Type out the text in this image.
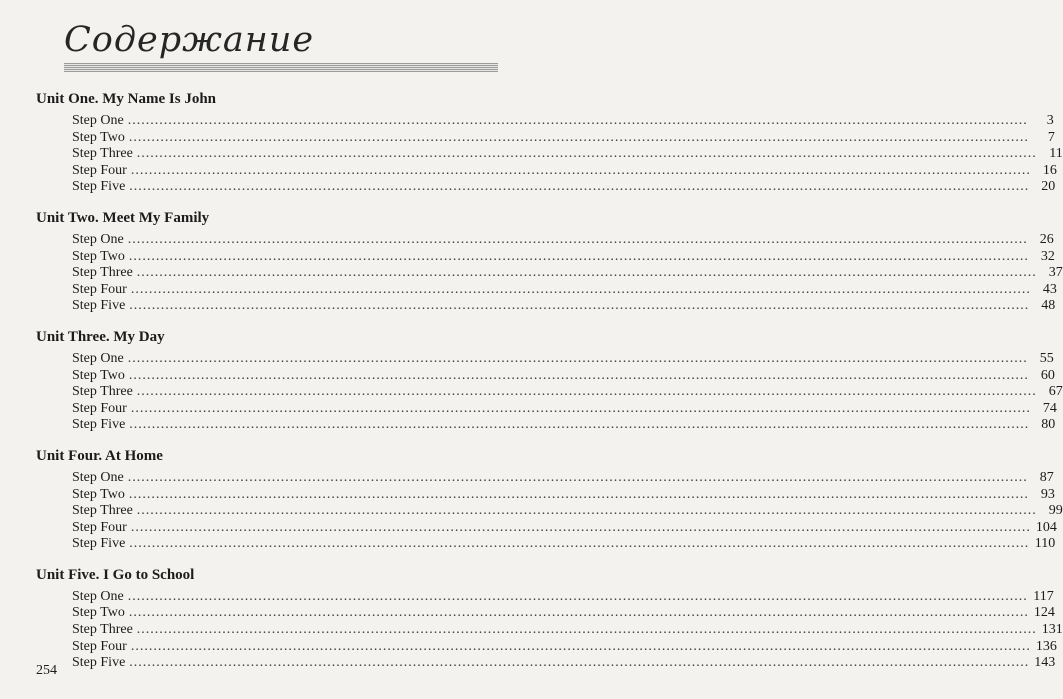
Содержание
Unit One. My Name Is John
Step One ........................................................................................................................................................................................................	3
Step Two ........................................................................................................................................................................................................	7
Step Three ........................................................................................................................................................................................................ 11
Step Four ........................................................................................................................................................................................................ 16
Step Five ........................................................................................................................................................................................................ 20
Unit Two. Meet My Family
Step One ........................................................................................................................................................................................................ 26
Step Two ........................................................................................................................................................................................................ 32
Step Three ........................................................................................................................................................................................................ 37
Step Four ........................................................................................................................................................................................................ 43
Step Five ........................................................................................................................................................................................................ 48
Unit Three. My Day
Step One ........................................................................................................................................................................................................ 55
Step Two ........................................................................................................................................................................................................ 60
Step Three ........................................................................................................................................................................................................ 67
Step Four ........................................................................................................................................................................................................ 74
Step Five ........................................................................................................................................................................................................ 80
Unit Four. At Home
Step One ........................................................................................................................................................................................................ 87
Step Two ........................................................................................................................................................................................................ 93
Step Three ........................................................................................................................................................................................................ 99
Step Four ........................................................................................................................................................................................................ 104
Step Five ........................................................................................................................................................................................................ 110
Unit Five. I Go to School
Step One ........................................................................................................................................................................................................ 117
Step Two ........................................................................................................................................................................................................ 124
Step Three ........................................................................................................................................................................................................ 131
Step Four ........................................................................................................................................................................................................ 136
Step Five ........................................................................................................................................................................................................ 143
254
